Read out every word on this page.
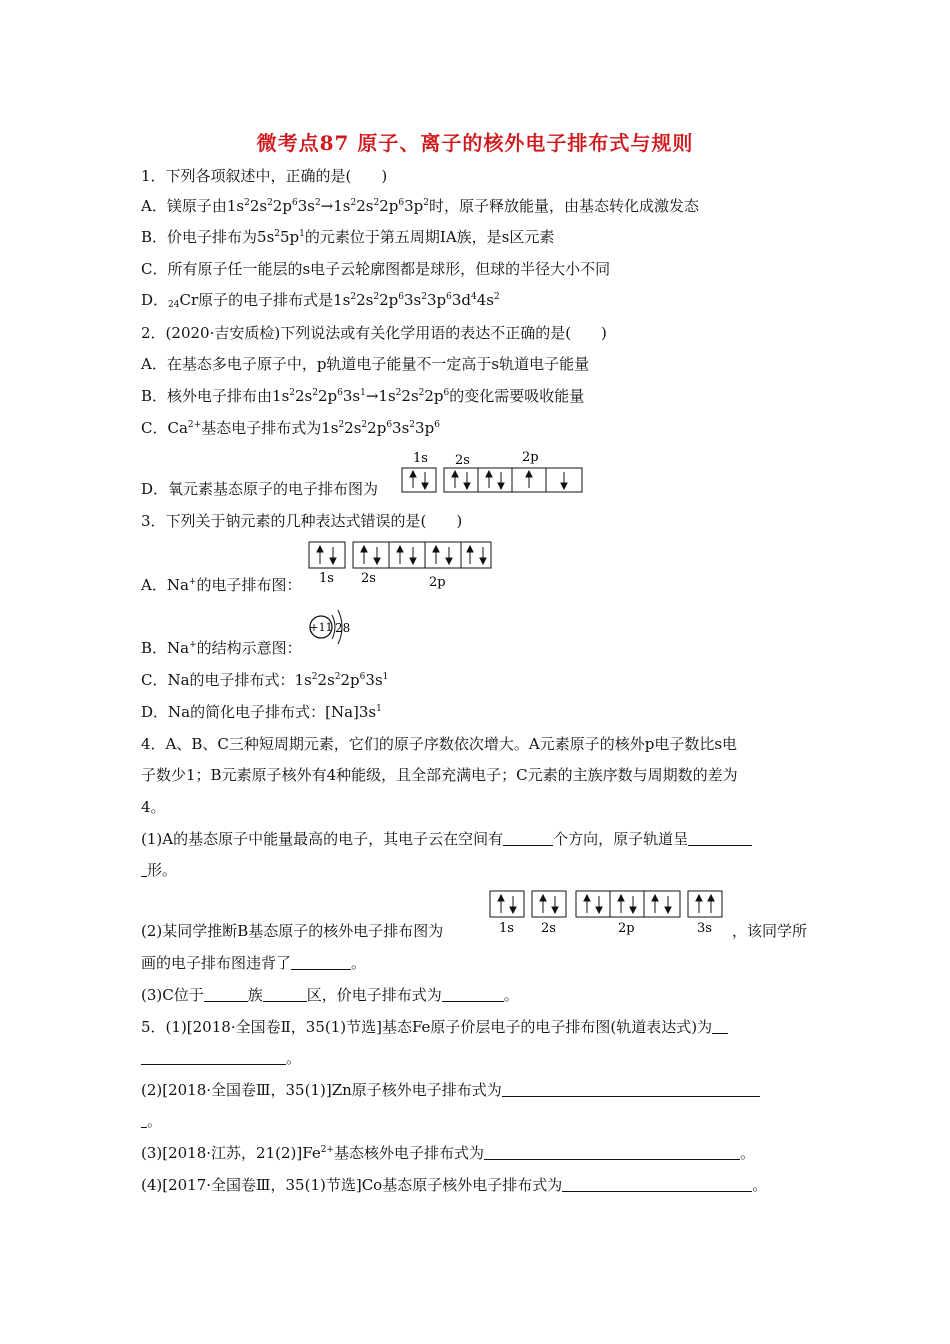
微考点87 原子、离子的核外电子排布式与规则
1．下列各项叙述中，正确的是(　　)
A．镁原子由$1s^22s^22p^63s^2\to 1s^22s^22p^63p^2$时，原子释放能量，由基态转化成激发态
B．价电子排布为$5s^25p^1$的元素位于第五周期ⅠA族，是s区元素
C．所有原子任一能层的s电子云轮廓图都是球形，但球的半径大小不同
D．$_{24}$Cr原子的电子排布式是$1s^22s^22p^63s^23p^63d^44s^2$
2．(2020·吉安质检)下列说法或有关化学用语的表达不正确的是(　　)
A．在基态多电子原子中，p轨道电子能量不一定高于s轨道电子能量
B．核外电子排布由$1s^22s^22p^63s^1\to 1s^22s^22p^6$的变化需要吸收能量
C．$Ca^{2+}$基态电子排布式为$1s^22s^22p^63s^23p^6$
D．氧元素基态原子的电子排布图为
1s 2s	2p
3．下列关于钠元素的几种表达式错误的是(　　)
1s 2s	2p
A．Na+的电子排布图：
B．Na+的结构示意图：
+11 28
C．Na的电子排布式：$1s^22s^22p^63s^1$
D．Na的简化电子排布式：$[Na]3s^1$
4．A、B、C三种短周期元素，它们的原子序数依次增大。A元素原子的核外p电子数比s电
子数少1；B元素原子核外有4种能级，且全部充满电子；C元素的主族序数与周期数的差为
4。
(1)A的基态原子中能量最高的电子，其电子云在空间有	个方向，原子轨道呈
形。
1s 2s	2p	3s
(2)某同学推断B基态原子的核外电子排布图为	，该同学所
画的电子排布图违背了	。
(3)C位于	族	区，价电子排布式为	。
5．(1)[2018·全国卷Ⅱ，35(1)节选]基态Fe原子价层电子的电子排布图(轨道表达式)为
。
(2)[2018·全国卷Ⅲ，35(1)]Zn原子核外电子排布式为
。
(3)[2018·江苏，$21(2)]Fe^{2+}$基态核外电子排布式为	。
(4)[2017·全国卷Ⅲ，35(1)节选]Co基态原子核外电子排布式为	。
